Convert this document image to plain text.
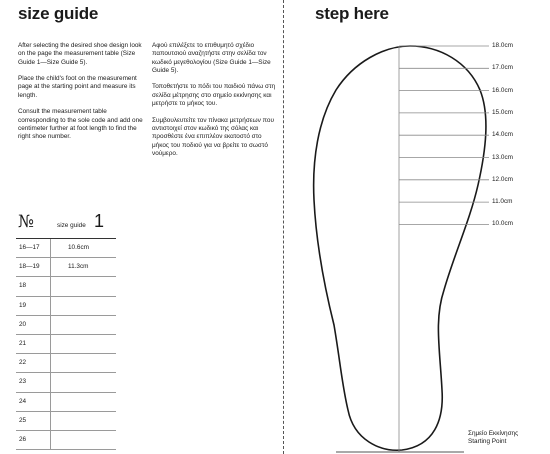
size guide

After selecting the desired shoe design look on the page the measurement table (Size Guide 1—Size Guide 5).

Place the child's foot on the measurement page at the starting point and measure its length.

Consult the measurement table corresponding to the sole code and add one centimeter further at foot length to find the right shoe number.

Αφού επιλέξετε το επιθυμητό σχέδιο παπουτσιού αναζητήστε στην σελίδα τον κωδικό μεγεθολογίου (Size Guide 1—Size Guide 5).

Τοποθετήστε το πόδι του παιδιού πάνω στη σελίδα μέτρησης στο σημείο εκκίνησης και μετρήστε το μήκος του.

Συμβουλευτείτε τον πίνακα μετρήσεων που αντιστοιχεί στον κωδικό της σόλας και προσθέστε ένα επιπλέον εκατοστό στο μήκος του ποδιού για να βρείτε το σωστό νούμερο.

№	size guide 1
16—17	10.6cm
18—19	11.3cm
18
19
20
21
22
23
24
25
26
step here
18.0cm
17.0cm
16.0cm
15.0cm
14.0cm
13.0cm
12.0cm
11.0cm
10.0cm
Σημείο Εκκίνησης
Starting Point
